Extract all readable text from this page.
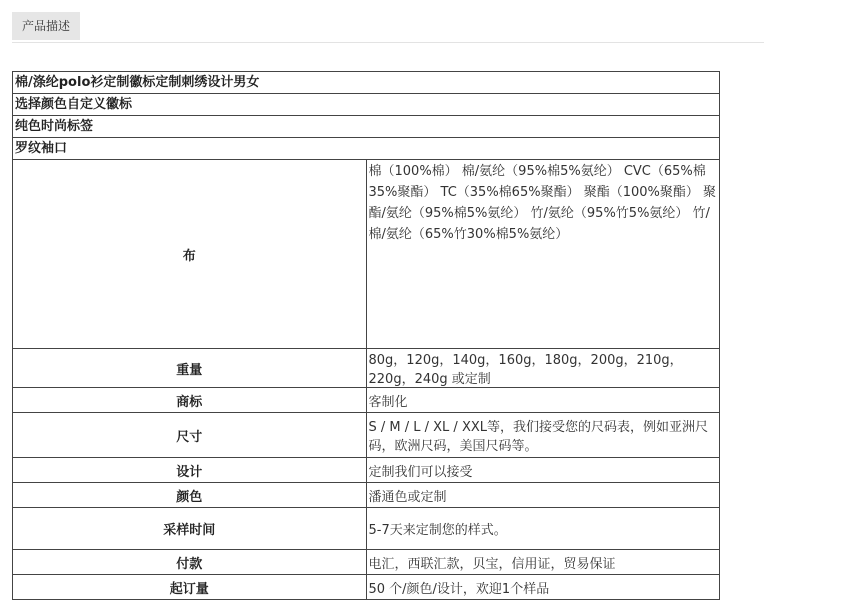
产品描述
棉/涤纶polo衫定制徽标定制刺绣设计男女	
选择颜色自定义徽标	
纯色时尚标签	
罗纹袖口	
布	棉（100%棉） 棉/氨纶（95%棉5%氨纶） CVC（65%棉35%聚酯） TC（35%棉65%聚酯） 聚酯（100%聚酯） 聚酯/氨纶（95%棉5%氨纶） 竹/氨纶（95%竹5%氨纶） 竹/棉/氨纶（65%竹30%棉5%氨纶）
重量	80g，120g，140g，160g，180g，200g，210g，220g，240g 或定制
商标	客制化
尺寸	S / M / L / XL / XXL等，我们接受您的尺码表，例如亚洲尺码，欧洲尺码，美国尺码等。
设计	定制我们可以接受
颜色	潘通色或定制
采样时间	5-7天来定制您的样式。
付款	电汇，西联汇款，贝宝，信用证，贸易保证
起订量	50 个/颜色/设计，欢迎1个样品
